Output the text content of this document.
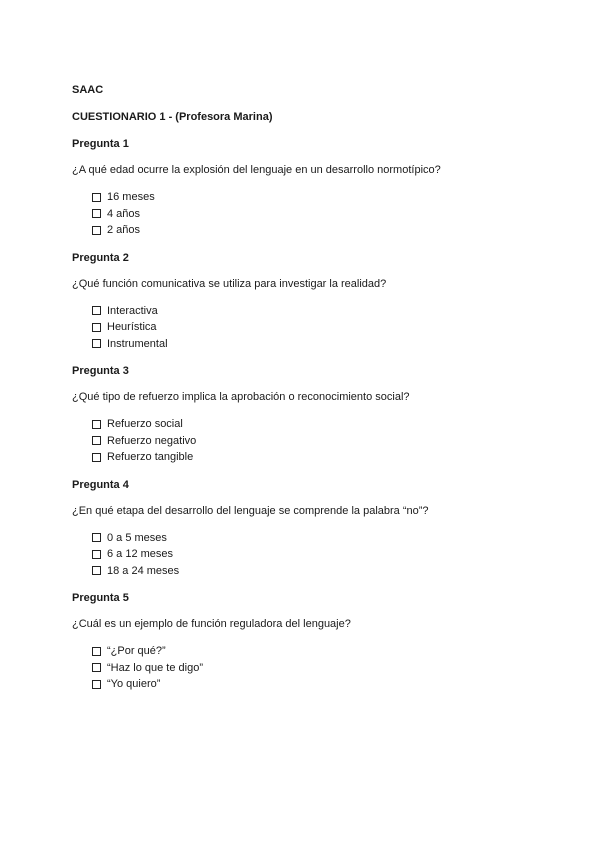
SAAC

CUESTIONARIO 1 - (Profesora Marina)

Pregunta 1

¿A qué edad ocurre la explosión del lenguaje en un desarrollo normotípico?

16 meses
4 años
2 años

Pregunta 2

¿Qué función comunicativa se utiliza para investigar la realidad?

Interactiva
Heurística
Instrumental

Pregunta 3

¿Qué tipo de refuerzo implica la aprobación o reconocimiento social?

Refuerzo social
Refuerzo negativo
Refuerzo tangible

Pregunta 4

¿En qué etapa del desarrollo del lenguaje se comprende la palabra “no”?

0 a 5 meses
6 a 12 meses
18 a 24 meses

Pregunta 5

¿Cuál es un ejemplo de función reguladora del lenguaje?

“¿Por qué?”
“Haz lo que te digo”
“Yo quiero”
